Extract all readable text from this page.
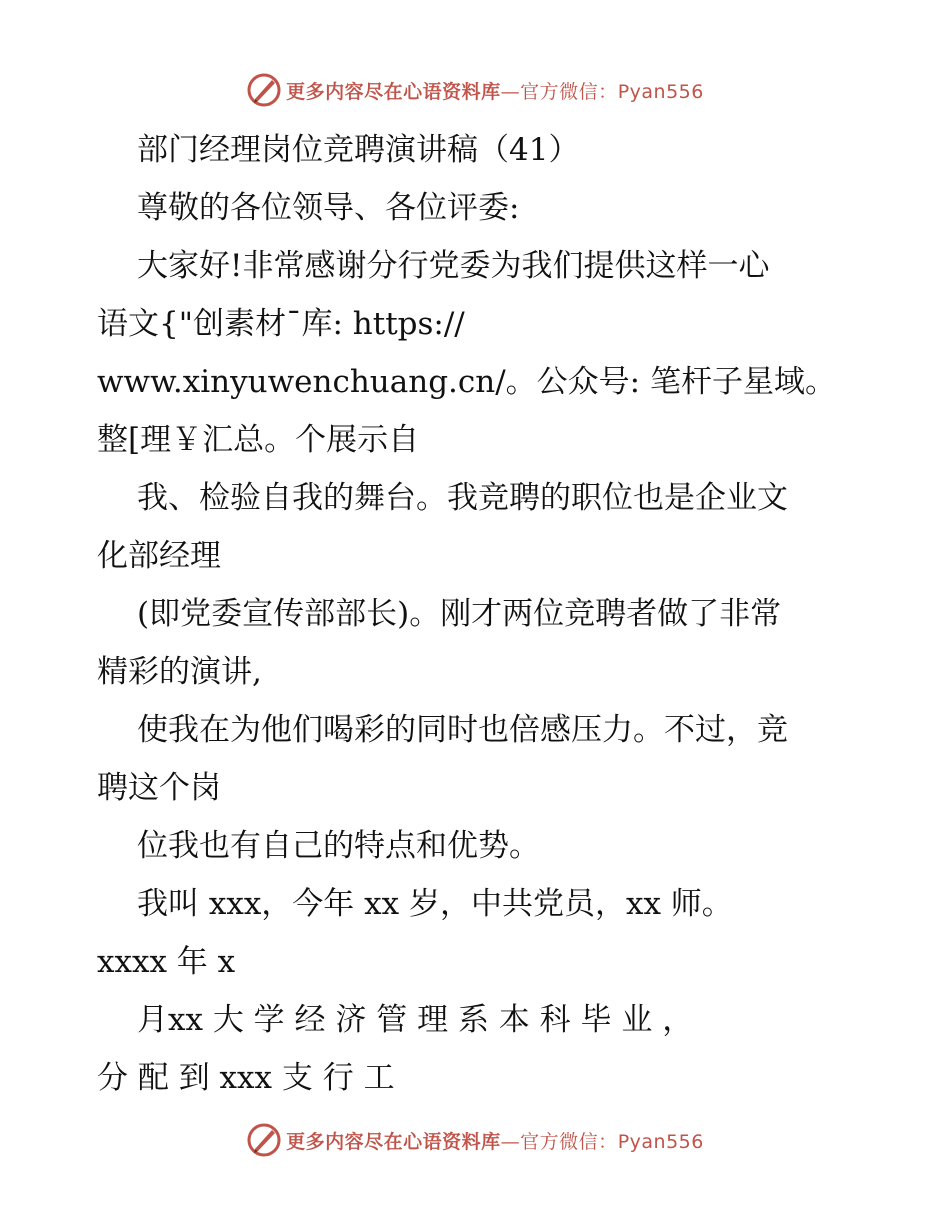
更多内容尽在心语资料库—官方微信：Pyan556
部门经理岗位竞聘演讲稿（41）
尊敬的各位领导、各位评委:
大家好!非常感谢分行党委为我们提供这样一心
语文{"创素材¯库: https://
www.xinyuwenchuang.cn/。公众号: 笔杆子星域。
整[理￥汇总。个展示自
我、检验自我的舞台。我竞聘的职位也是企业文
化部经理
(即党委宣传部部长)。刚才两位竞聘者做了非常
精彩的演讲,
使我在为他们喝彩的同时也倍感压力。不过，竞
聘这个岗
位我也有自己的特点和优势。
我叫 xxx，今年 xx 岁，中共党员，xx 师。
xxxx 年 x
月xx 大 学 经 济 管 理 系 本 科 毕 业 ，
分 配 到 xxx 支 行 工
更多内容尽在心语资料库—官方微信：Pyan556
